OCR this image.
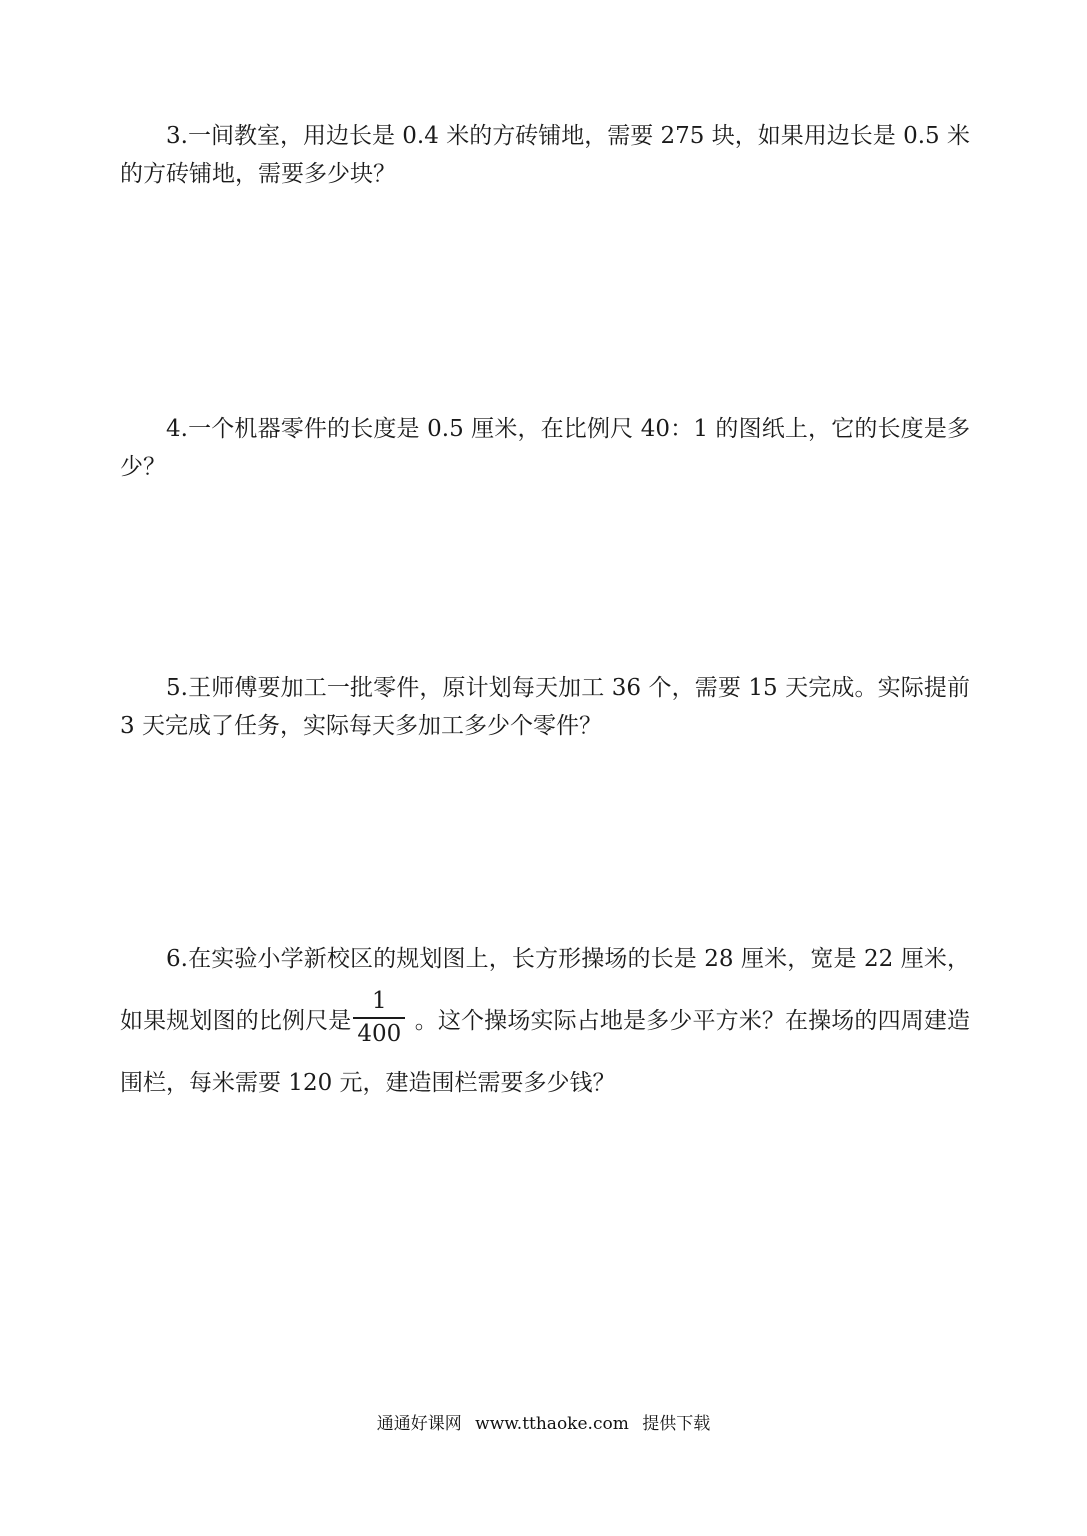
3.一间教室，用边长是 0.4 米的方砖铺地，需要 275 块，如果用边长是 0.5 米的方砖铺地，需要多少块？
4.一个机器零件的长度是 0.5 厘米，在比例尺 40：1 的图纸上，它的长度是多少？
5.王师傅要加工一批零件，原计划每天加工 36 个，需要 15 天完成。实际提前 3 天完成了任务，实际每天多加工多少个零件？
6.在实验小学新校区的规划图上，长方形操场的长是 28 厘米，宽是 22 厘米，如果规划图的比例尺是 $\frac{1}{400}$ 。这个操场实际占地是多少平方米？在操场的四周建造围栏，每米需要 120 元，建造围栏需要多少钱？
通通好课网 www.tthaoke.com 提供下载
